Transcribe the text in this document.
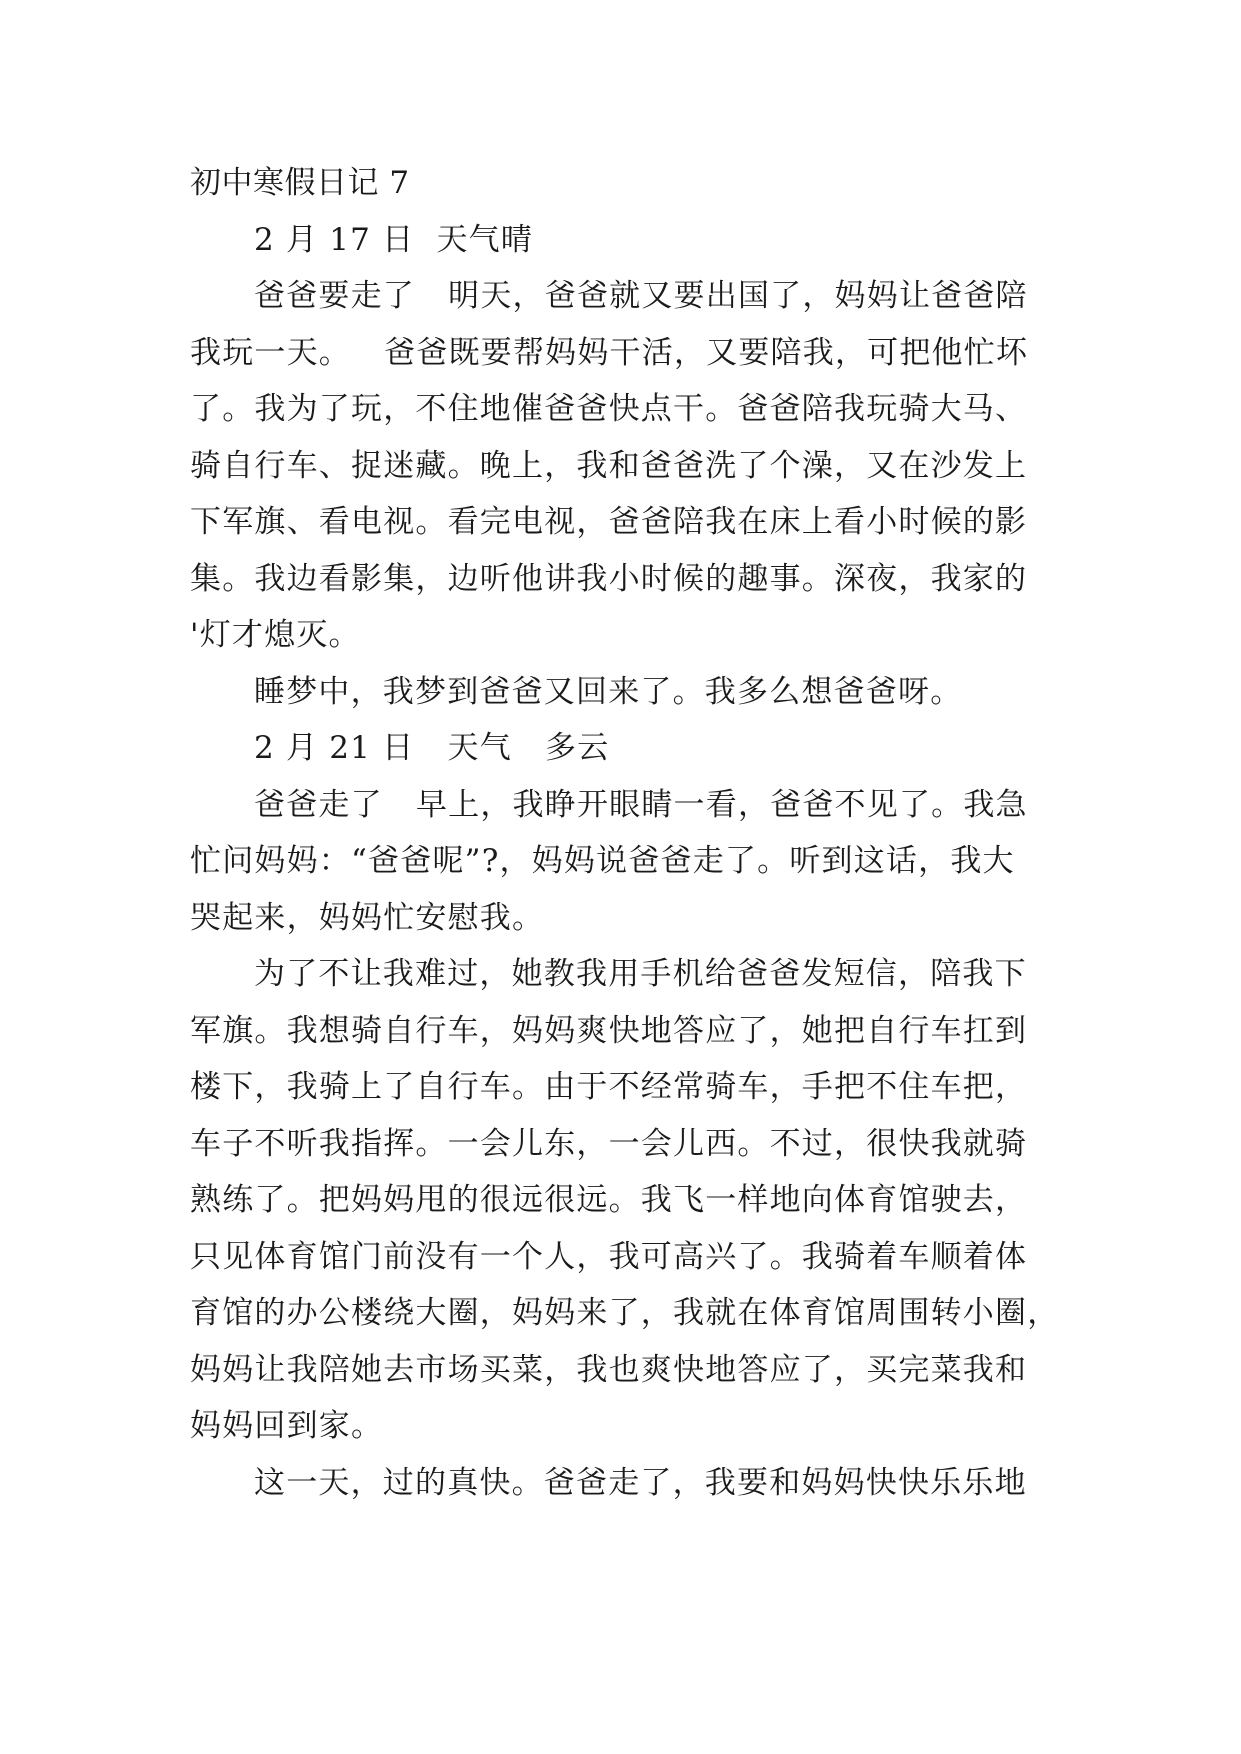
初中寒假日记 7
2 月 17 日  天气晴
爸爸要走了   明天，爸爸就又要出国了，妈妈让爸爸陪
我玩一天。   爸爸既要帮妈妈干活，又要陪我，可把他忙坏
了。我为了玩，不住地催爸爸快点干。爸爸陪我玩骑大马、
骑自行车、捉迷藏。晚上，我和爸爸洗了个澡，又在沙发上
下军旗、看电视。看完电视，爸爸陪我在床上看小时候的影
集。我边看影集，边听他讲我小时候的趣事。深夜，我家的
'灯才熄灭。
睡梦中，我梦到爸爸又回来了。我多么想爸爸呀。
2 月 21 日   天气   多云
爸爸走了   早上，我睁开眼睛一看，爸爸不见了。我急
忙问妈妈：“爸爸呢”?，妈妈说爸爸走了。听到这话，我大
哭起来，妈妈忙安慰我。
为了不让我难过，她教我用手机给爸爸发短信，陪我下
军旗。我想骑自行车，妈妈爽快地答应了，她把自行车扛到
楼下，我骑上了自行车。由于不经常骑车，手把不住车把，
车子不听我指挥。一会儿东，一会儿西。不过，很快我就骑
熟练了。把妈妈甩的很远很远。我飞一样地向体育馆驶去，
只见体育馆门前没有一个人，我可高兴了。我骑着车顺着体
育馆的办公楼绕大圈，妈妈来了，我就在体育馆周围转小圈，
妈妈让我陪她去市场买菜，我也爽快地答应了，买完菜我和
妈妈回到家。
这一天，过的真快。爸爸走了，我要和妈妈快快乐乐地
